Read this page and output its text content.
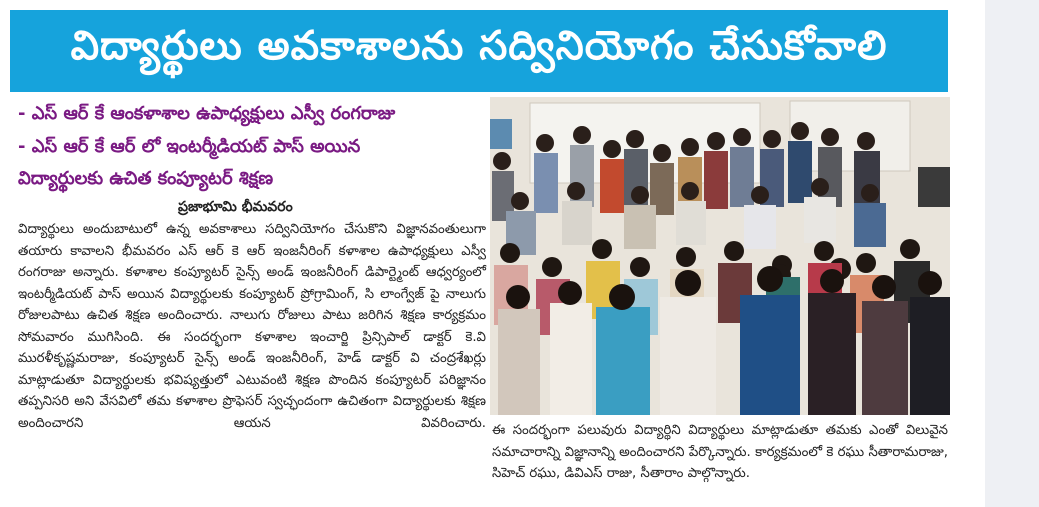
విద్యార్థులు అవకాశాలను సద్వినియోగం చేసుకోవాలి
- ఎస్ ఆర్ కే ఆంకళాశాల ఉపాధ్యక్షులు ఎస్వీ రంగరాజు
- ఎస్ ఆర్ కే ఆర్ లో ఇంటర్మీడియట్ పాస్ అయిన
విద్యార్థులకు ఉచిత కంప్యూటర్ శిక్షణ
ప్రజాభూమి భీమవరం

విద్యార్థులు అందుబాటులో ఉన్న అవకాశాలు సద్వినియోగం చేసుకొని విజ్ఞానవంతులుగా తయారు కావాలని భీమవరం ఎస్ ఆర్ కె ఆర్ ఇంజనీరింగ్ కళాశాల ఉపాధ్యక్షులు ఎస్వీ రంగరాజు అన్నారు. కళాశాల కంప్యూటర్ సైన్స్ అండ్ ఇంజనీరింగ్ డిపార్ట్మెంట్ ఆధ్వర్యంలో ఇంటర్మీడియట్ పాస్ అయిన విద్యార్థులకు కంప్యూటర్ ప్రోగ్రామింగ్, సి లాంగ్వేజ్ పై నాలుగు రోజులపాటు ఉచిత శిక్షణ అందించారు. నాలుగు రోజులు పాటు జరిగిన శిక్షణ కార్యక్రమం సోమవారం ముగిసింది. ఈ సందర్భంగా కళాశాల ఇంచార్జి ప్రిన్సిపాల్ డాక్టర్ కె.వి మురళీకృష్ణమరాజు, కంప్యూటర్ సైన్స్ అండ్ ఇంజనీరింగ్, హెడ్ డాక్టర్ వి చంద్రశేఖర్లు మాట్లాడుతూ విద్యార్థులకు భవిష్యత్తులో ఎటువంటి శిక్షణ పొందిన కంప్యూటర్ పరిజ్ఞానం తప్పనిసరి అని వేసవిలో తమ కళాశాల ప్రొఫెసర్ స్వచ్ఛందంగా ఉచితంగా విద్యార్థులకు శిక్షణ అందించారని ఆయన వివరించారు. ఈ సందర్భంగా పలువురు విద్యార్థిని విద్యార్థులు మాట్లాడుతూ తమకు ఎంతో విలువైన సమాచారాన్ని విజ్ఞానాన్ని అందించారని పేర్కొన్నారు. కార్యక్రమంలో కె రఘు సీతారామరాజు, సిహెచ్ రఘు, డివిఎస్ రాజు, సీతారాం పాల్గొన్నారు.
